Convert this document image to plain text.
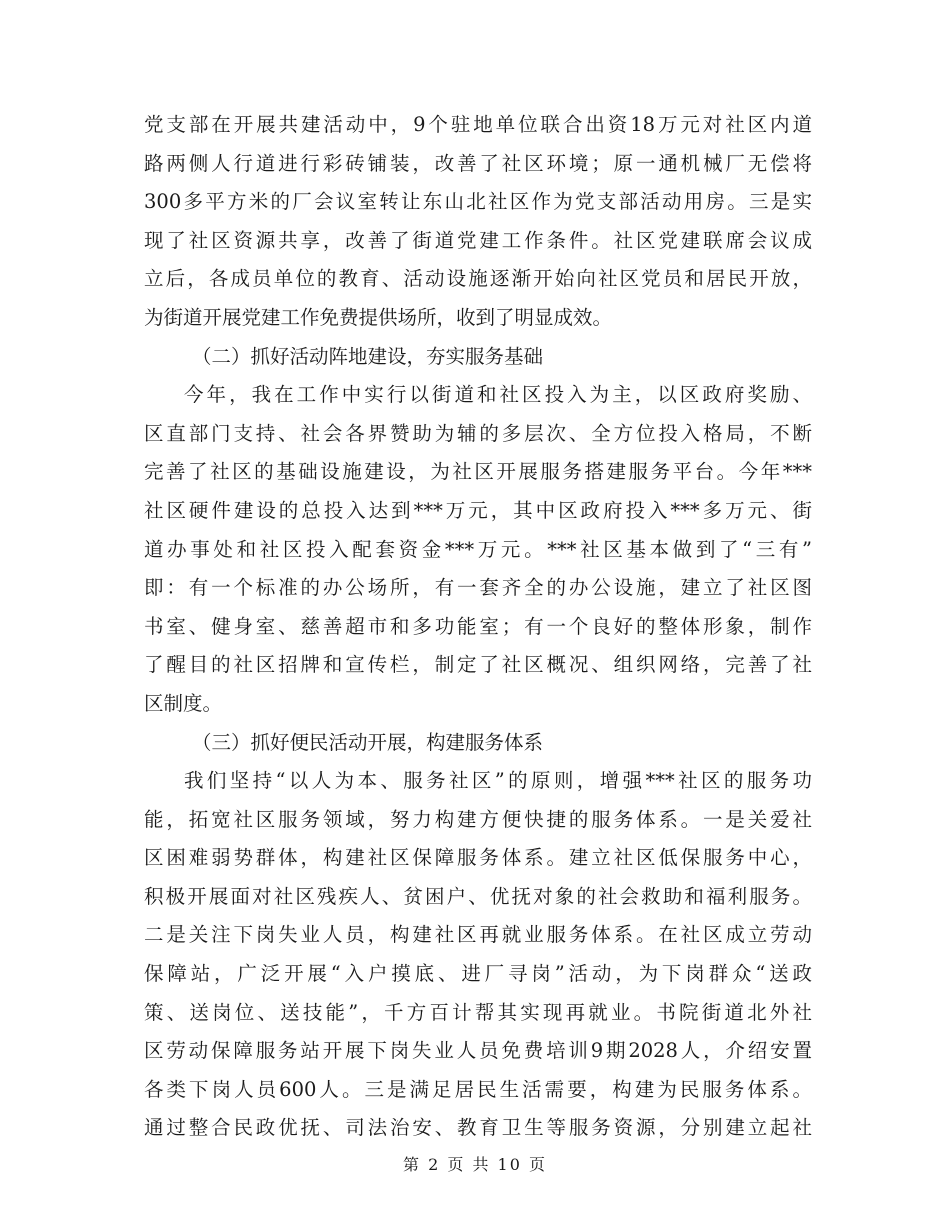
党支部在开展共建活动中，9个驻地单位联合出资18万元对社区内道
路两侧人行道进行彩砖铺装，改善了社区环境；原一通机械厂无偿将
300多平方米的厂会议室转让东山北社区作为党支部活动用房。三是实
现了社区资源共享，改善了街道党建工作条件。社区党建联席会议成
立后，各成员单位的教育、活动设施逐渐开始向社区党员和居民开放，
为街道开展党建工作免费提供场所，收到了明显成效。
（二）抓好活动阵地建设，夯实服务基础
今年，我在工作中实行以街道和社区投入为主，以区政府奖励、
区直部门支持、社会各界赞助为辅的多层次、全方位投入格局，不断
完善了社区的基础设施建设，为社区开展服务搭建服务平台。今年***
社区硬件建设的总投入达到***万元，其中区政府投入***多万元、街
道办事处和社区投入配套资金***万元。***社区基本做到了“三有”
即：有一个标准的办公场所，有一套齐全的办公设施，建立了社区图
书室、健身室、慈善超市和多功能室；有一个良好的整体形象，制作
了醒目的社区招牌和宣传栏，制定了社区概况、组织网络，完善了社
区制度。
（三）抓好便民活动开展，构建服务体系
我们坚持“以人为本、服务社区”的原则，增强***社区的服务功
能，拓宽社区服务领域，努力构建方便快捷的服务体系。一是关爱社
区困难弱势群体，构建社区保障服务体系。建立社区低保服务中心，
积极开展面对社区残疾人、贫困户、优抚对象的社会救助和福利服务。
二是关注下岗失业人员，构建社区再就业服务体系。在社区成立劳动
保障站，广泛开展“入户摸底、进厂寻岗”活动，为下岗群众“送政
策、送岗位、送技能”，千方百计帮其实现再就业。书院街道北外社
区劳动保障服务站开展下岗失业人员免费培训9期2028人，介绍安置
各类下岗人员600人。三是满足居民生活需要，构建为民服务体系。
通过整合民政优抚、司法治安、教育卫生等服务资源，分别建立起社
第 2 页 共 10 页
